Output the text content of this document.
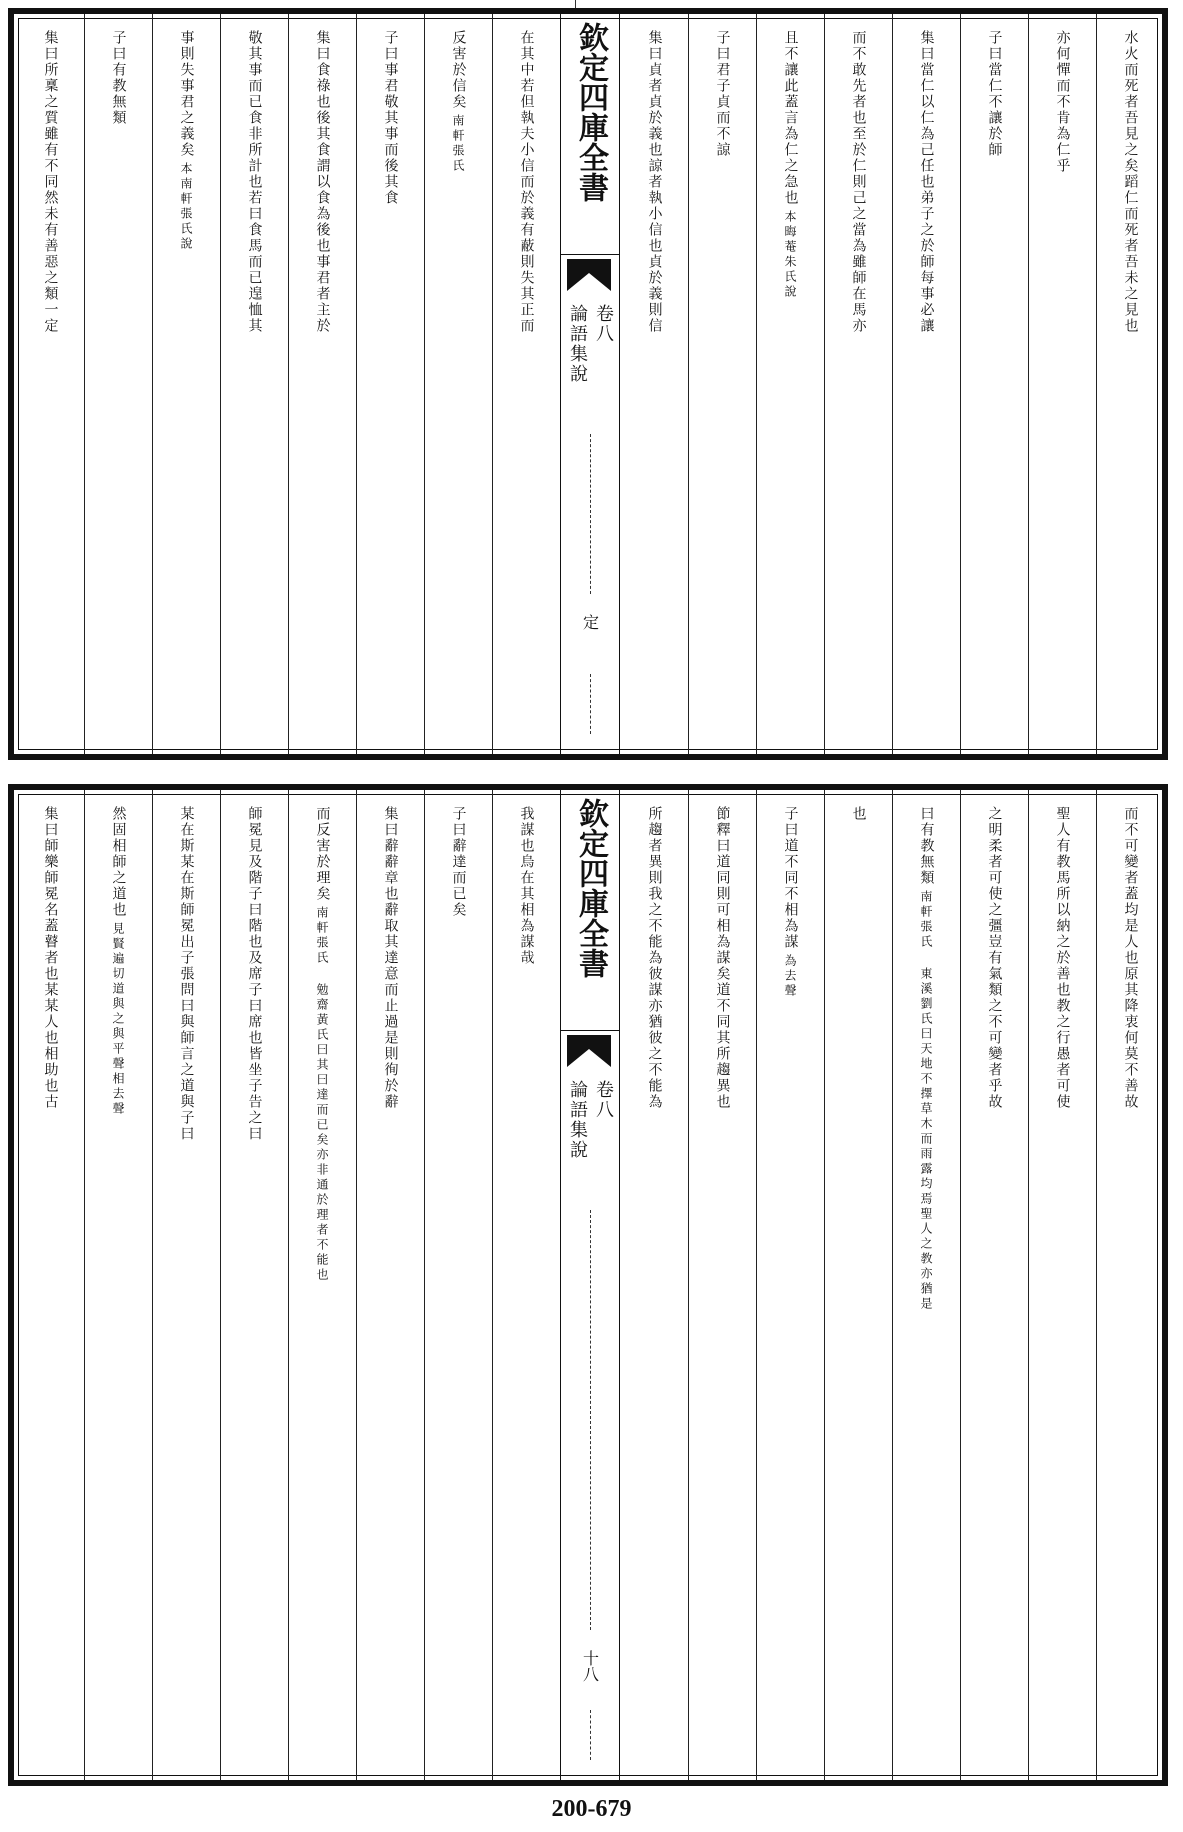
水火而死者吾見之矣蹈仁而死者吾未之見也
亦何憚而不肯為仁乎
子曰當仁不讓於師
集曰當仁以仁為己任也弟子之於師每事必讓
而不敢先者也至於仁則己之當為雖師在馬亦
且不讓此蓋言為仁之急也
本晦菴朱氏說
子曰君子貞而不諒
集曰貞者貞於義也諒者執小信也貞於義則信
在其中若但執夫小信而於義有蔽則失其正而
反害於信矣
南軒張氏
子曰事君敬其事而後其食
集曰食祿也後其食謂以食為後也事君者主於
敬其事而已食非所計也若曰食馬而已遑恤其
事則失事君之義矣
本南軒張氏說
子曰有教無類
集曰所稟之質雖有不同然未有善惡之類一定	欽定四庫全書
論語集說 卷八
定
而不可變者蓋均是人也原其降衷何莫不善故
聖人有教馬所以納之於善也教之行愚者可使
之明柔者可使之彊豈有氣類之不可變者乎故
曰有教無類
南軒張氏 東溪劉氏曰天地不擇草木而雨露均焉聖人之教亦猶是
也
子曰道不同不相為謀
為去聲
節釋曰道同則可相為謀矣道不同其所趨異也
所趨者異則我之不能為彼謀亦猶彼之不能為
我謀也烏在其相為謀哉
子曰辭達而已矣
集曰辭辭章也辭取其達意而止過是則徇於辭
而反害於理矣
南軒張氏 勉齋黃氏曰其曰達而已矣亦非通於理者不能也
師冕見及階子曰階也及席子曰席也皆坐子告之曰
某在斯某在斯師冕出子張問曰與師言之道與子曰
然固相師之道也
見賢遍切道與之與平聲相去聲
集曰師樂師冕名蓋瞽者也某某人也相助也古	欽定四庫全書
論語集說 卷八
十八
200-679
